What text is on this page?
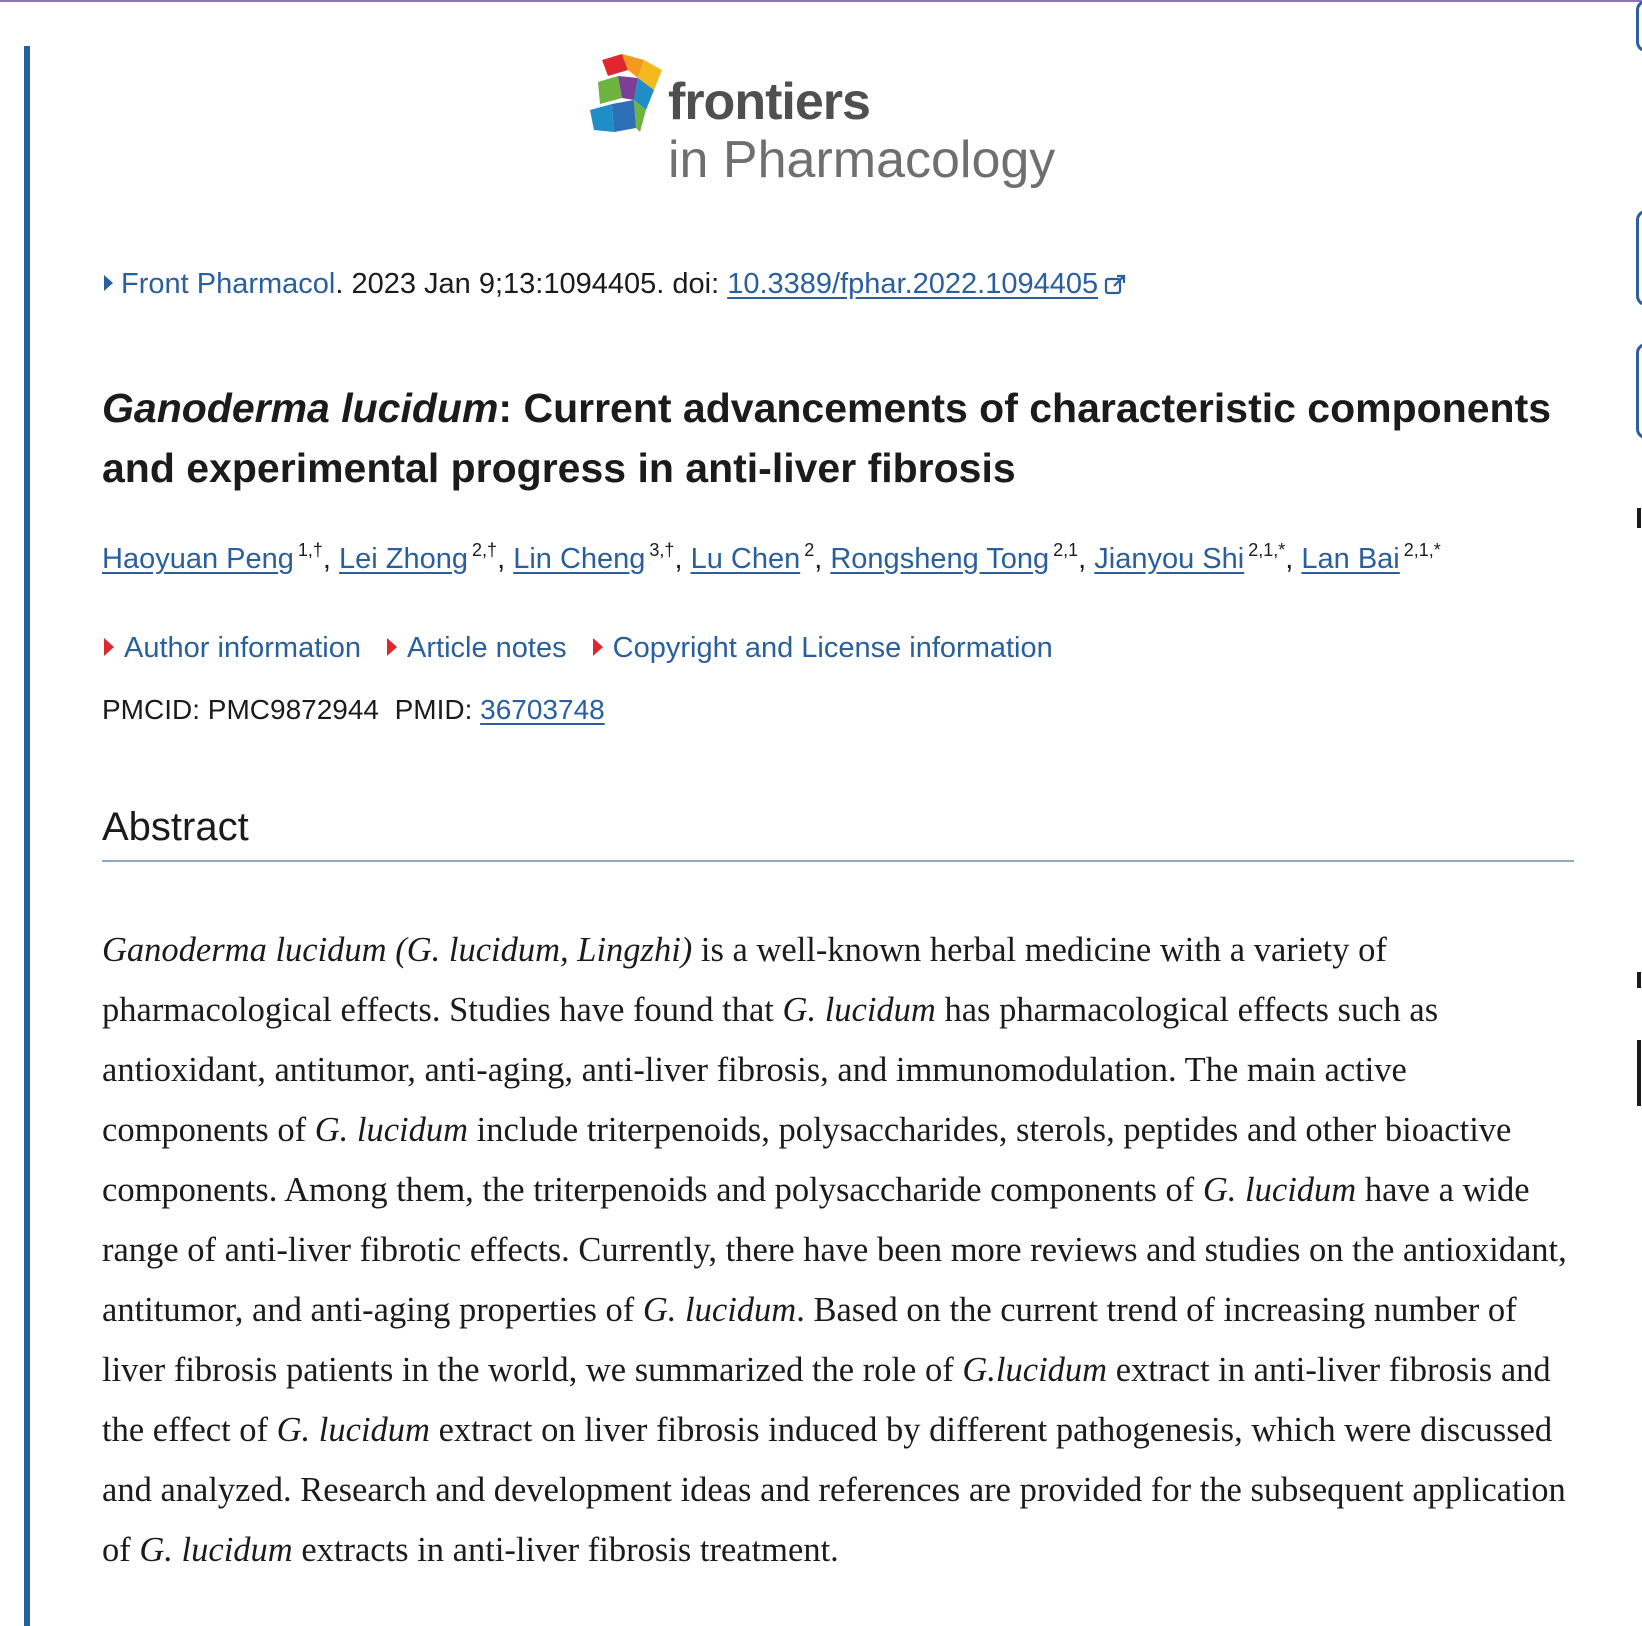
frontiers
in Pharmacology
Front Pharmacol. 2023 Jan 9;13:1094405. doi: 10.3389/fphar.2022.1094405
Ganoderma lucidum: Current advancements of characteristic components and experimental progress in anti-liver fibrosis
Haoyuan Peng $^{1,\dagger}$, Lei Zhong $^{2,\dagger}$, Lin Cheng $^{3,\dagger}$, Lu Chen $^2$, Rongsheng Tong $^{2,1}$, Jianyou Shi $^{2,1,*}$, Lan Bai $^{2,1,*}$
Author information Article notes Copyright and License information
PMCID: PMC9872944 PMID: 36703748
Abstract

Ganoderma lucidum (G. lucidum, Lingzhi) is a well-known herbal medicine with a variety of pharmacological effects. Studies have found that G. lucidum has pharmacological effects such as antioxidant, antitumor, anti-aging, anti-liver fibrosis, and immunomodulation. The main active components of G. lucidum include triterpenoids, polysaccharides, sterols, peptides and other bioactive components. Among them, the triterpenoids and polysaccharide components of G. lucidum have a wide range of anti-liver fibrotic effects. Currently, there have been more reviews and studies on the antioxidant, antitumor, and anti-aging properties of G. lucidum. Based on the current trend of increasing number of liver fibrosis patients in the world, we summarized the role of G.lucidum extract in anti-liver fibrosis and the effect of G. lucidum extract on liver fibrosis induced by different pathogenesis, which were discussed and analyzed. Research and development ideas and references are provided for the subsequent application of G. lucidum extracts in anti-liver fibrosis treatment.
